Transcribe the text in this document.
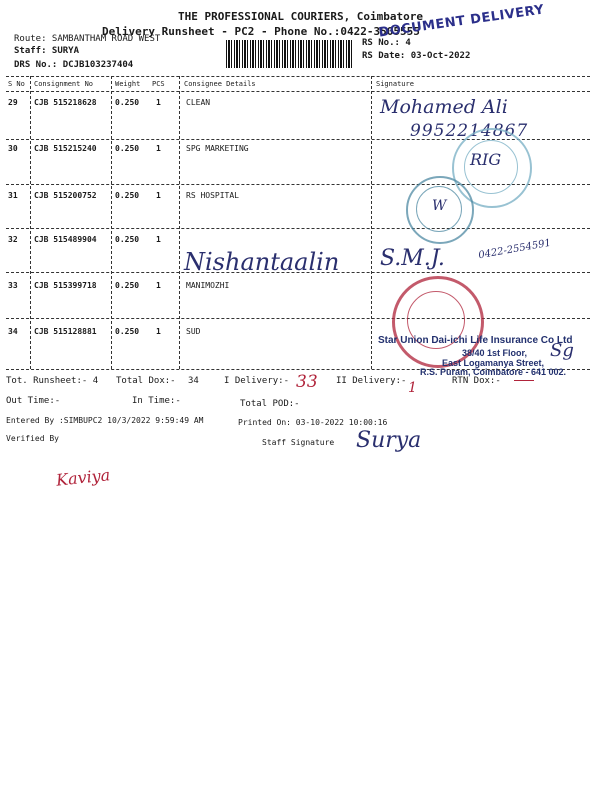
THE PROFESSIONAL COURIERS, Coimbatore
Delivery Runsheet - PC2 - Phone No.:0422-3505555
Route: SAMBANTHAM ROAD WEST
Staff: SURYA
DRS No.: DCJB103237404
RS No.: 4
RS Date: 03-Oct-2022
DOCUMENT DELIVERY
S No Consignment No	Weight PCS	Consignee Details	Signature
29 CJB 515218628 0.250 1	CLEAN
30 CJB 515215240 0.250 1	SPG MARKETING
31 CJB 515200752 0.250 1	RS HOSPITAL
32 CJB 515489904 0.250 1
33 CJB 515399718 0.250 1	MANIMOZHI
34 CJB 515128881 0.250 1	SUD
Mohamed Ali
9952214867
RIG
W
Nishantaalin S.M.J.	0422-2554591
Star Union Dai-ichi Life Insurance Co Ltd
38/40 1st Floor,
East Logamanya Street,
R.S. Puram, Coimbatore - 641 002.
Sg
Tot. Runsheet:- 4 Total Dox:- 34	I Delivery:- 33 II Delivery:- 1	RTN Dox:-
Out Time:-	In Time:-	Total POD:-
Entered By :SIMBUPC2 10/3/2022 9:59:49 AM	Printed On: 03-10-2022 10:00:16
Verified By	Staff Signature Surya
Kaviya
